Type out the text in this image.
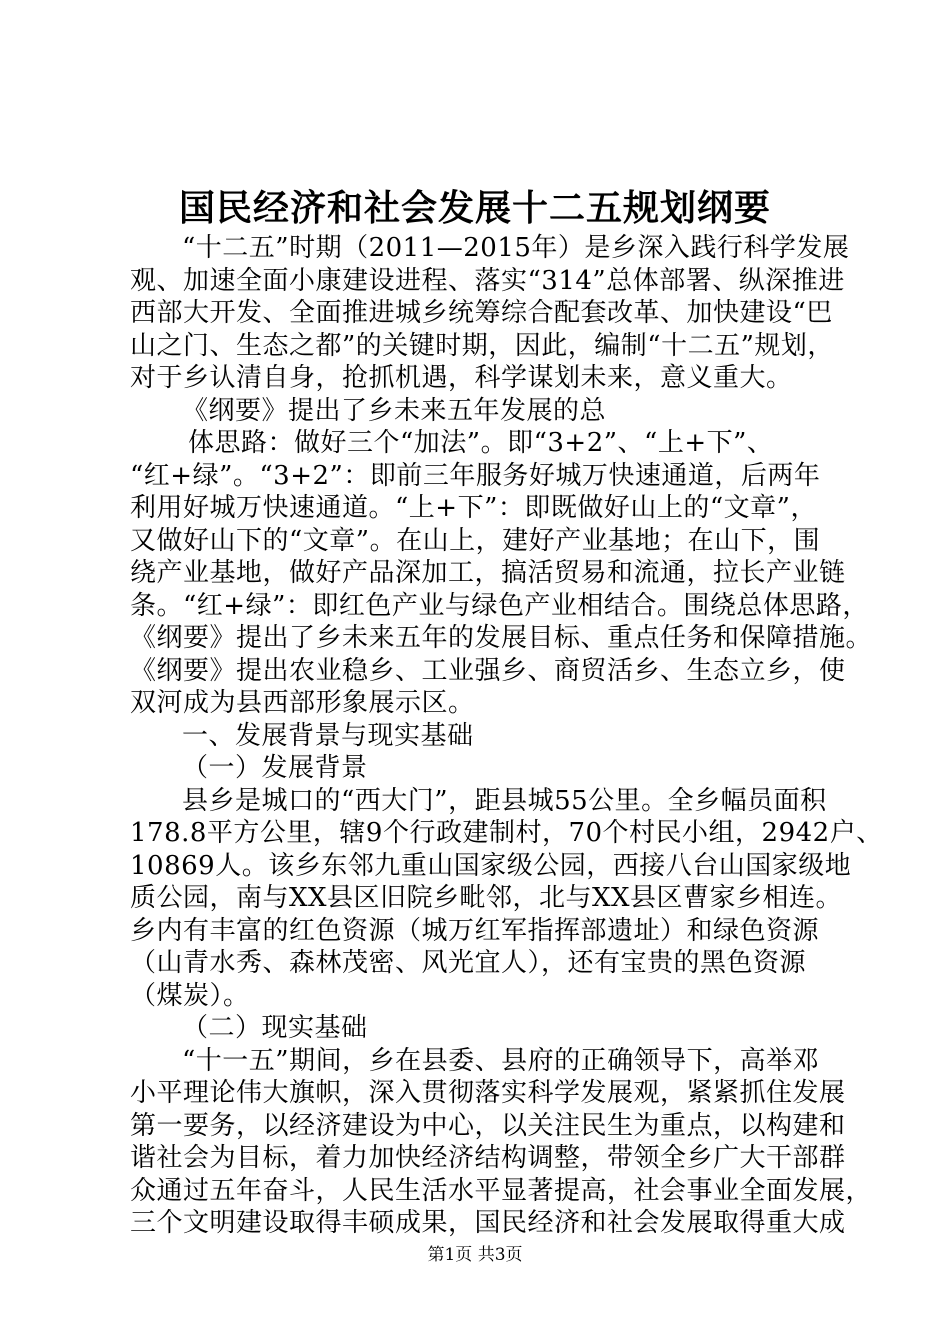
国民经济和社会发展十二五规划纲要
“十二五”时期（2011—2015年）是乡深入践行科学发展
观、加速全面小康建设进程、落实“314”总体部署、纵深推进
西部大开发、全面推进城乡统筹综合配套改革、加快建设“巴
山之门、生态之都”的关键时期，因此，编制“十二五”规划，
对于乡认清自身，抢抓机遇，科学谋划未来，意义重大。
《纲要》提出了乡未来五年发展的总
体思路：做好三个“加法”。即“3+2”、“上+下”、
“红+绿”。“3+2”：即前三年服务好城万快速通道，后两年
利用好城万快速通道。“上+下”：即既做好山上的“文章”，
又做好山下的“文章”。在山上，建好产业基地；在山下，围
绕产业基地，做好产品深加工，搞活贸易和流通，拉长产业链
条。“红+绿”：即红色产业与绿色产业相结合。围绕总体思路，
《纲要》提出了乡未来五年的发展目标、重点任务和保障措施。
《纲要》提出农业稳乡、工业强乡、商贸活乡、生态立乡，使
双河成为县西部形象展示区。
一、发展背景与现实基础
（一）发展背景
县乡是城口的“西大门”，距县城55公里。全乡幅员面积
178.8平方公里，辖9个行政建制村，70个村民小组，2942户、
10869人。该乡东邻九重山国家级公园，西接八台山国家级地
质公园，南与XX县区旧院乡毗邻，北与XX县区曹家乡相连。
乡内有丰富的红色资源（城万红军指挥部遗址）和绿色资源
（山青水秀、森林茂密、风光宜人），还有宝贵的黑色资源
（煤炭）。
（二）现实基础
“十一五”期间，乡在县委、县府的正确领导下，高举邓
小平理论伟大旗帜，深入贯彻落实科学发展观，紧紧抓住发展
第一要务，以经济建设为中心，以关注民生为重点，以构建和
谐社会为目标，着力加快经济结构调整，带领全乡广大干部群
众通过五年奋斗，人民生活水平显著提高，社会事业全面发展，
三个文明建设取得丰硕成果，国民经济和社会发展取得重大成
第1页 共3页
